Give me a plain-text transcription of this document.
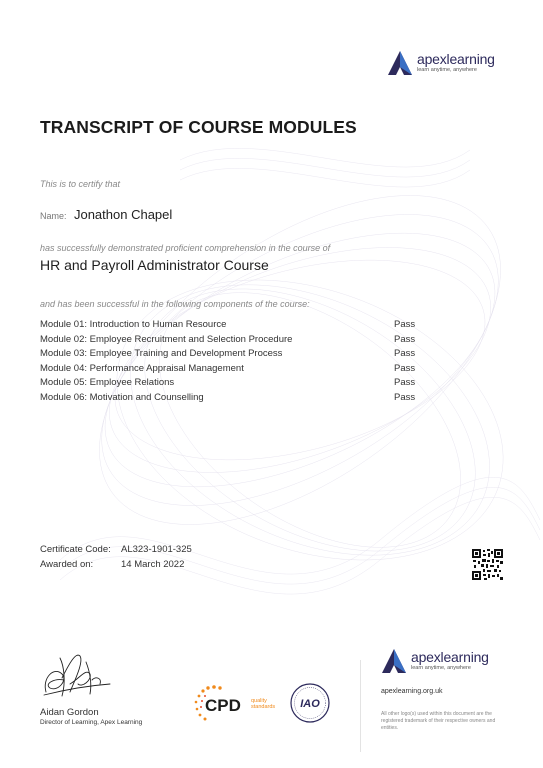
apexlearning
learn anytime, anywhere
TRANSCRIPT OF COURSE MODULES
This is to certify that
Name: Jonathon Chapel
has successfully demonstrated proficient comprehension in the course of
HR and Payroll Administrator Course
and has been successful in the following components of the course:
Module 01: Introduction to Human Resource	Pass
Module 02: Employee Recruitment and Selection Procedure	Pass
Module 03: Employee Training and Development Process	Pass
Module 04: Performance Appraisal Management	Pass
Module 05: Employee Relations	Pass
Module 06: Motivation and Counselling	Pass
Certificate Code:	AL323-1901-325
Awarded on:	14 March 2022
Aidan Gordon
Director of Learning, Apex Learning
CPD quality
standards IAO
apexlearning
learn anytime, anywhere
apexlearning.org.uk
All other logo(s) used within this document are the registered trademark of their respective owners and entities.
